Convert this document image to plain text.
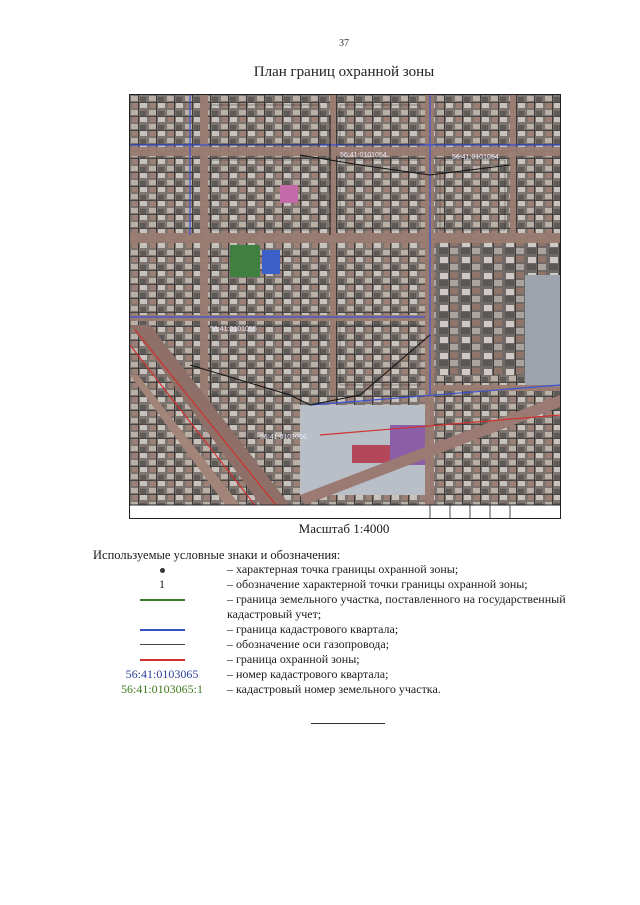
37
План границ охранной зоны
56:41:0101054	56:41:0101054
56:41:0101055
56:41:0101056
Масштаб 1:4000
Используемые условные знаки и обозначения:
– характерная точка границы охранной зоны;
1	– обозначение характерной точки границы охранной зоны;
– граница земельного участка, поставленного на государственный кадастровый учет;
– граница кадастрового квартала;
– обозначение оси газопровода;
– граница охранной зоны;
56:41:0103065	– номер кадастрового квартала;
56:41:0103065:1	– кадастровый номер земельного участка.
